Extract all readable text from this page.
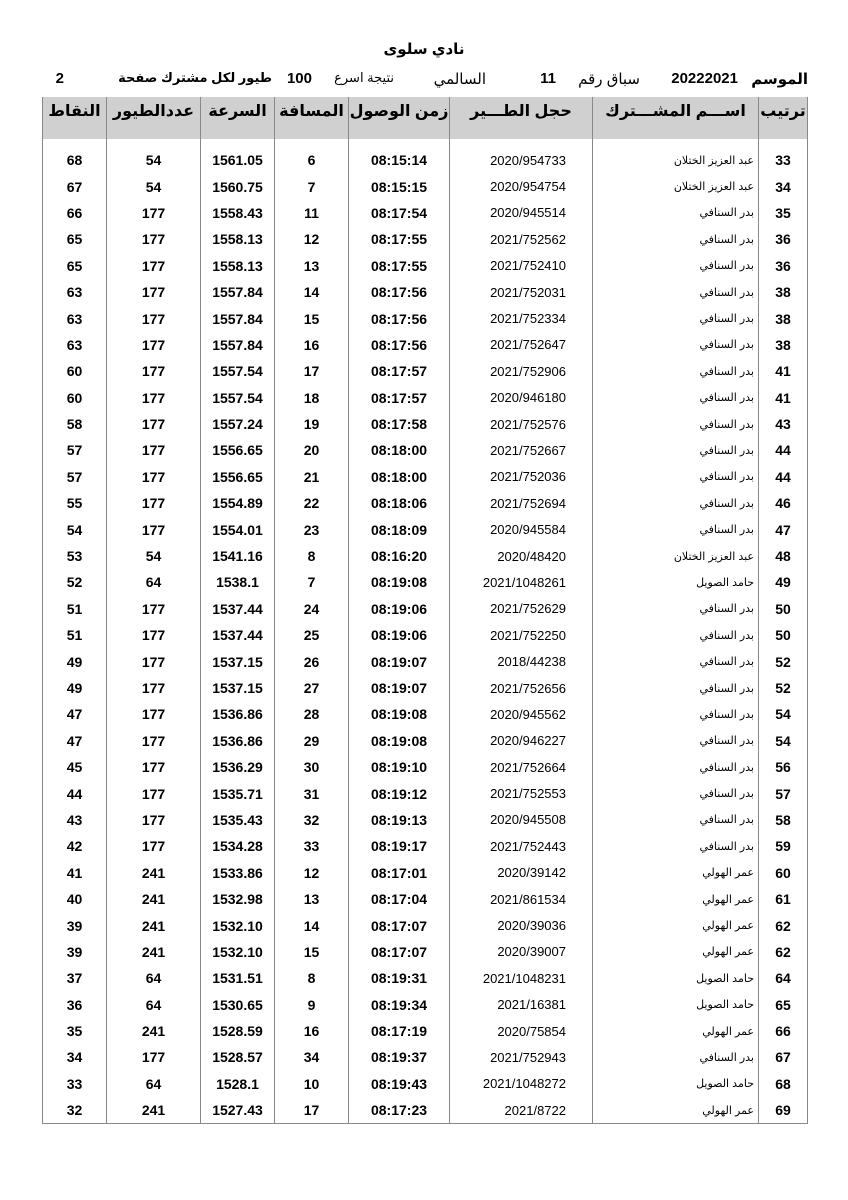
نادي سلوى
الموسم
20222021
سباق رقم
11
السالمي
نتيجة اسرع
100
طيور لكل مشترك صفحة
2
النقاط	عددالطيور	السرعة	المسافة	زمن الوصول	حجل الطـــير	اســـم المشـــترك	ترتيب

68	54	1561.05	6	08:15:14	2020/954733	عبد العزيز الختلان	33
67	54	1560.75	7	08:15:15	2020/954754	عبد العزيز الختلان	34
66	177	1558.43	11	08:17:54	2020/945514	بدر السنافي	35
65	177	1558.13	12	08:17:55	2021/752562	بدر السنافي	36
65	177	1558.13	13	08:17:55	2021/752410	بدر السنافي	36
63	177	1557.84	14	08:17:56	2021/752031	بدر السنافي	38
63	177	1557.84	15	08:17:56	2021/752334	بدر السنافي	38
63	177	1557.84	16	08:17:56	2021/752647	بدر السنافي	38
60	177	1557.54	17	08:17:57	2021/752906	بدر السنافي	41
60	177	1557.54	18	08:17:57	2020/946180	بدر السنافي	41
58	177	1557.24	19	08:17:58	2021/752576	بدر السنافي	43
57	177	1556.65	20	08:18:00	2021/752667	بدر السنافي	44
57	177	1556.65	21	08:18:00	2021/752036	بدر السنافي	44
55	177	1554.89	22	08:18:06	2021/752694	بدر السنافي	46
54	177	1554.01	23	08:18:09	2020/945584	بدر السنافي	47
53	54	1541.16	8	08:16:20	2020/48420	عبد العزيز الختلان	48
52	64	1538.1	7	08:19:08	2021/1048261	حامد الصويل	49
51	177	1537.44	24	08:19:06	2021/752629	بدر السنافي	50
51	177	1537.44	25	08:19:06	2021/752250	بدر السنافي	50
49	177	1537.15	26	08:19:07	2018/44238	بدر السنافي	52
49	177	1537.15	27	08:19:07	2021/752656	بدر السنافي	52
47	177	1536.86	28	08:19:08	2020/945562	بدر السنافي	54
47	177	1536.86	29	08:19:08	2020/946227	بدر السنافي	54
45	177	1536.29	30	08:19:10	2021/752664	بدر السنافي	56
44	177	1535.71	31	08:19:12	2021/752553	بدر السنافي	57
43	177	1535.43	32	08:19:13	2020/945508	بدر السنافي	58
42	177	1534.28	33	08:19:17	2021/752443	بدر السنافي	59
41	241	1533.86	12	08:17:01	2020/39142	عمر الهولي	60
40	241	1532.98	13	08:17:04	2021/861534	عمر الهولي	61
39	241	1532.10	14	08:17:07	2020/39036	عمر الهولي	62
39	241	1532.10	15	08:17:07	2020/39007	عمر الهولي	62
37	64	1531.51	8	08:19:31	2021/1048231	حامد الصويل	64
36	64	1530.65	9	08:19:34	2021/16381	حامد الصويل	65
35	241	1528.59	16	08:17:19	2020/75854	عمر الهولي	66
34	177	1528.57	34	08:19:37	2021/752943	بدر السنافي	67
33	64	1528.1	10	08:19:43	2021/1048272	حامد الصويل	68
32	241	1527.43	17	08:17:23	2021/8722	عمر الهولي	69
